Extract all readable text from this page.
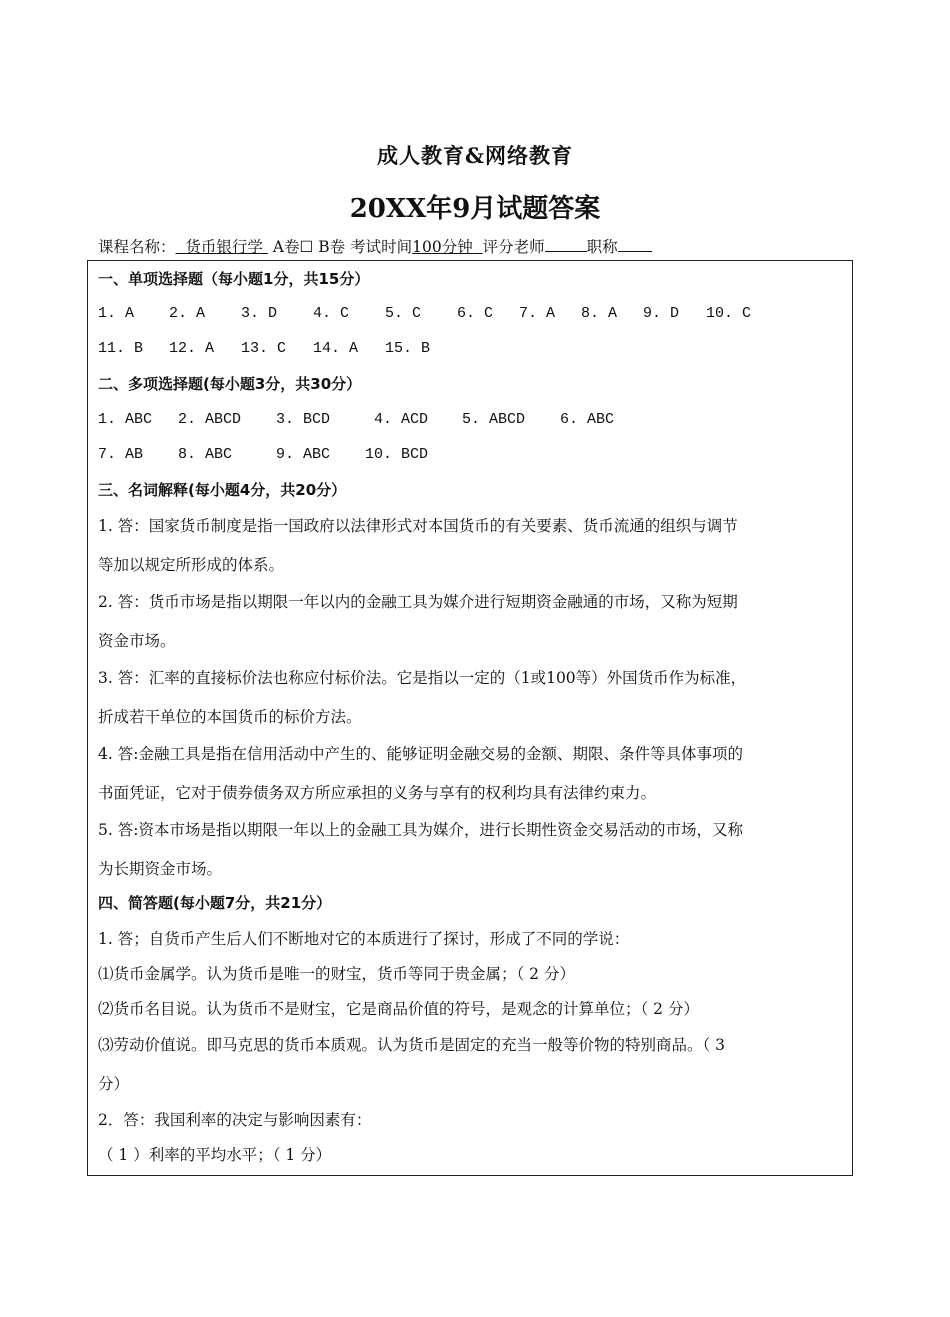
成人教育&网络教育
20XX年9月试题答案
课程名称： 货币银行学 A卷☐ B卷 考试时间100分钟 评分老师	职称
一、单项选择题（每小题1分，共15分）
1. A 2. A 3. D 4. C 5. C 6. C 7. A 8. A 9. D 10. C
11. B 12. A 13. C 14. A 15. B
二、多项选择题(每小题3分，共30分）
1. ABC 2. ABCD 3. BCD	4. ACD 5. ABCD 6. ABC
7. AB 8. ABC	9. ABC 10. BCD
三、名词解释(每小题4分，共20分）
1. 答：国家货币制度是指一国政府以法律形式对本国货币的有关要素、货币流通的组织与调节
等加以规定所形成的体系。
2. 答：货币市场是指以期限一年以内的金融工具为媒介进行短期资金融通的市场，又称为短期
资金市场。
3. 答：汇率的直接标价法也称应付标价法。它是指以一定的（1或100等）外国货币作为标准，
折成若干单位的本国货币的标价方法。
4. 答:金融工具是指在信用活动中产生的、能够证明金融交易的金额、期限、条件等具体事项的
书面凭证，它对于债券债务双方所应承担的义务与享有的权利均具有法律约束力。
5. 答:资本市场是指以期限一年以上的金融工具为媒介，进行长期性资金交易活动的市场，又称
为长期资金市场。
四、简答题(每小题7分，共21分）
1. 答；自货币产生后人们不断地对它的本质进行了探讨，形成了不同的学说：
⑴货币金属学。认为货币是唯一的财宝，货币等同于贵金属；（ 2 分）
⑵货币名目说。认为货币不是财宝，它是商品价值的符号，是观念的计算单位；（ 2 分）
⑶劳动价值说。即马克思的货币本质观。认为货币是固定的充当一般等价物的特别商品。（ 3
分）
2．答：我国利率的决定与影响因素有：
（ 1 ）利率的平均水平；（ 1 分）
